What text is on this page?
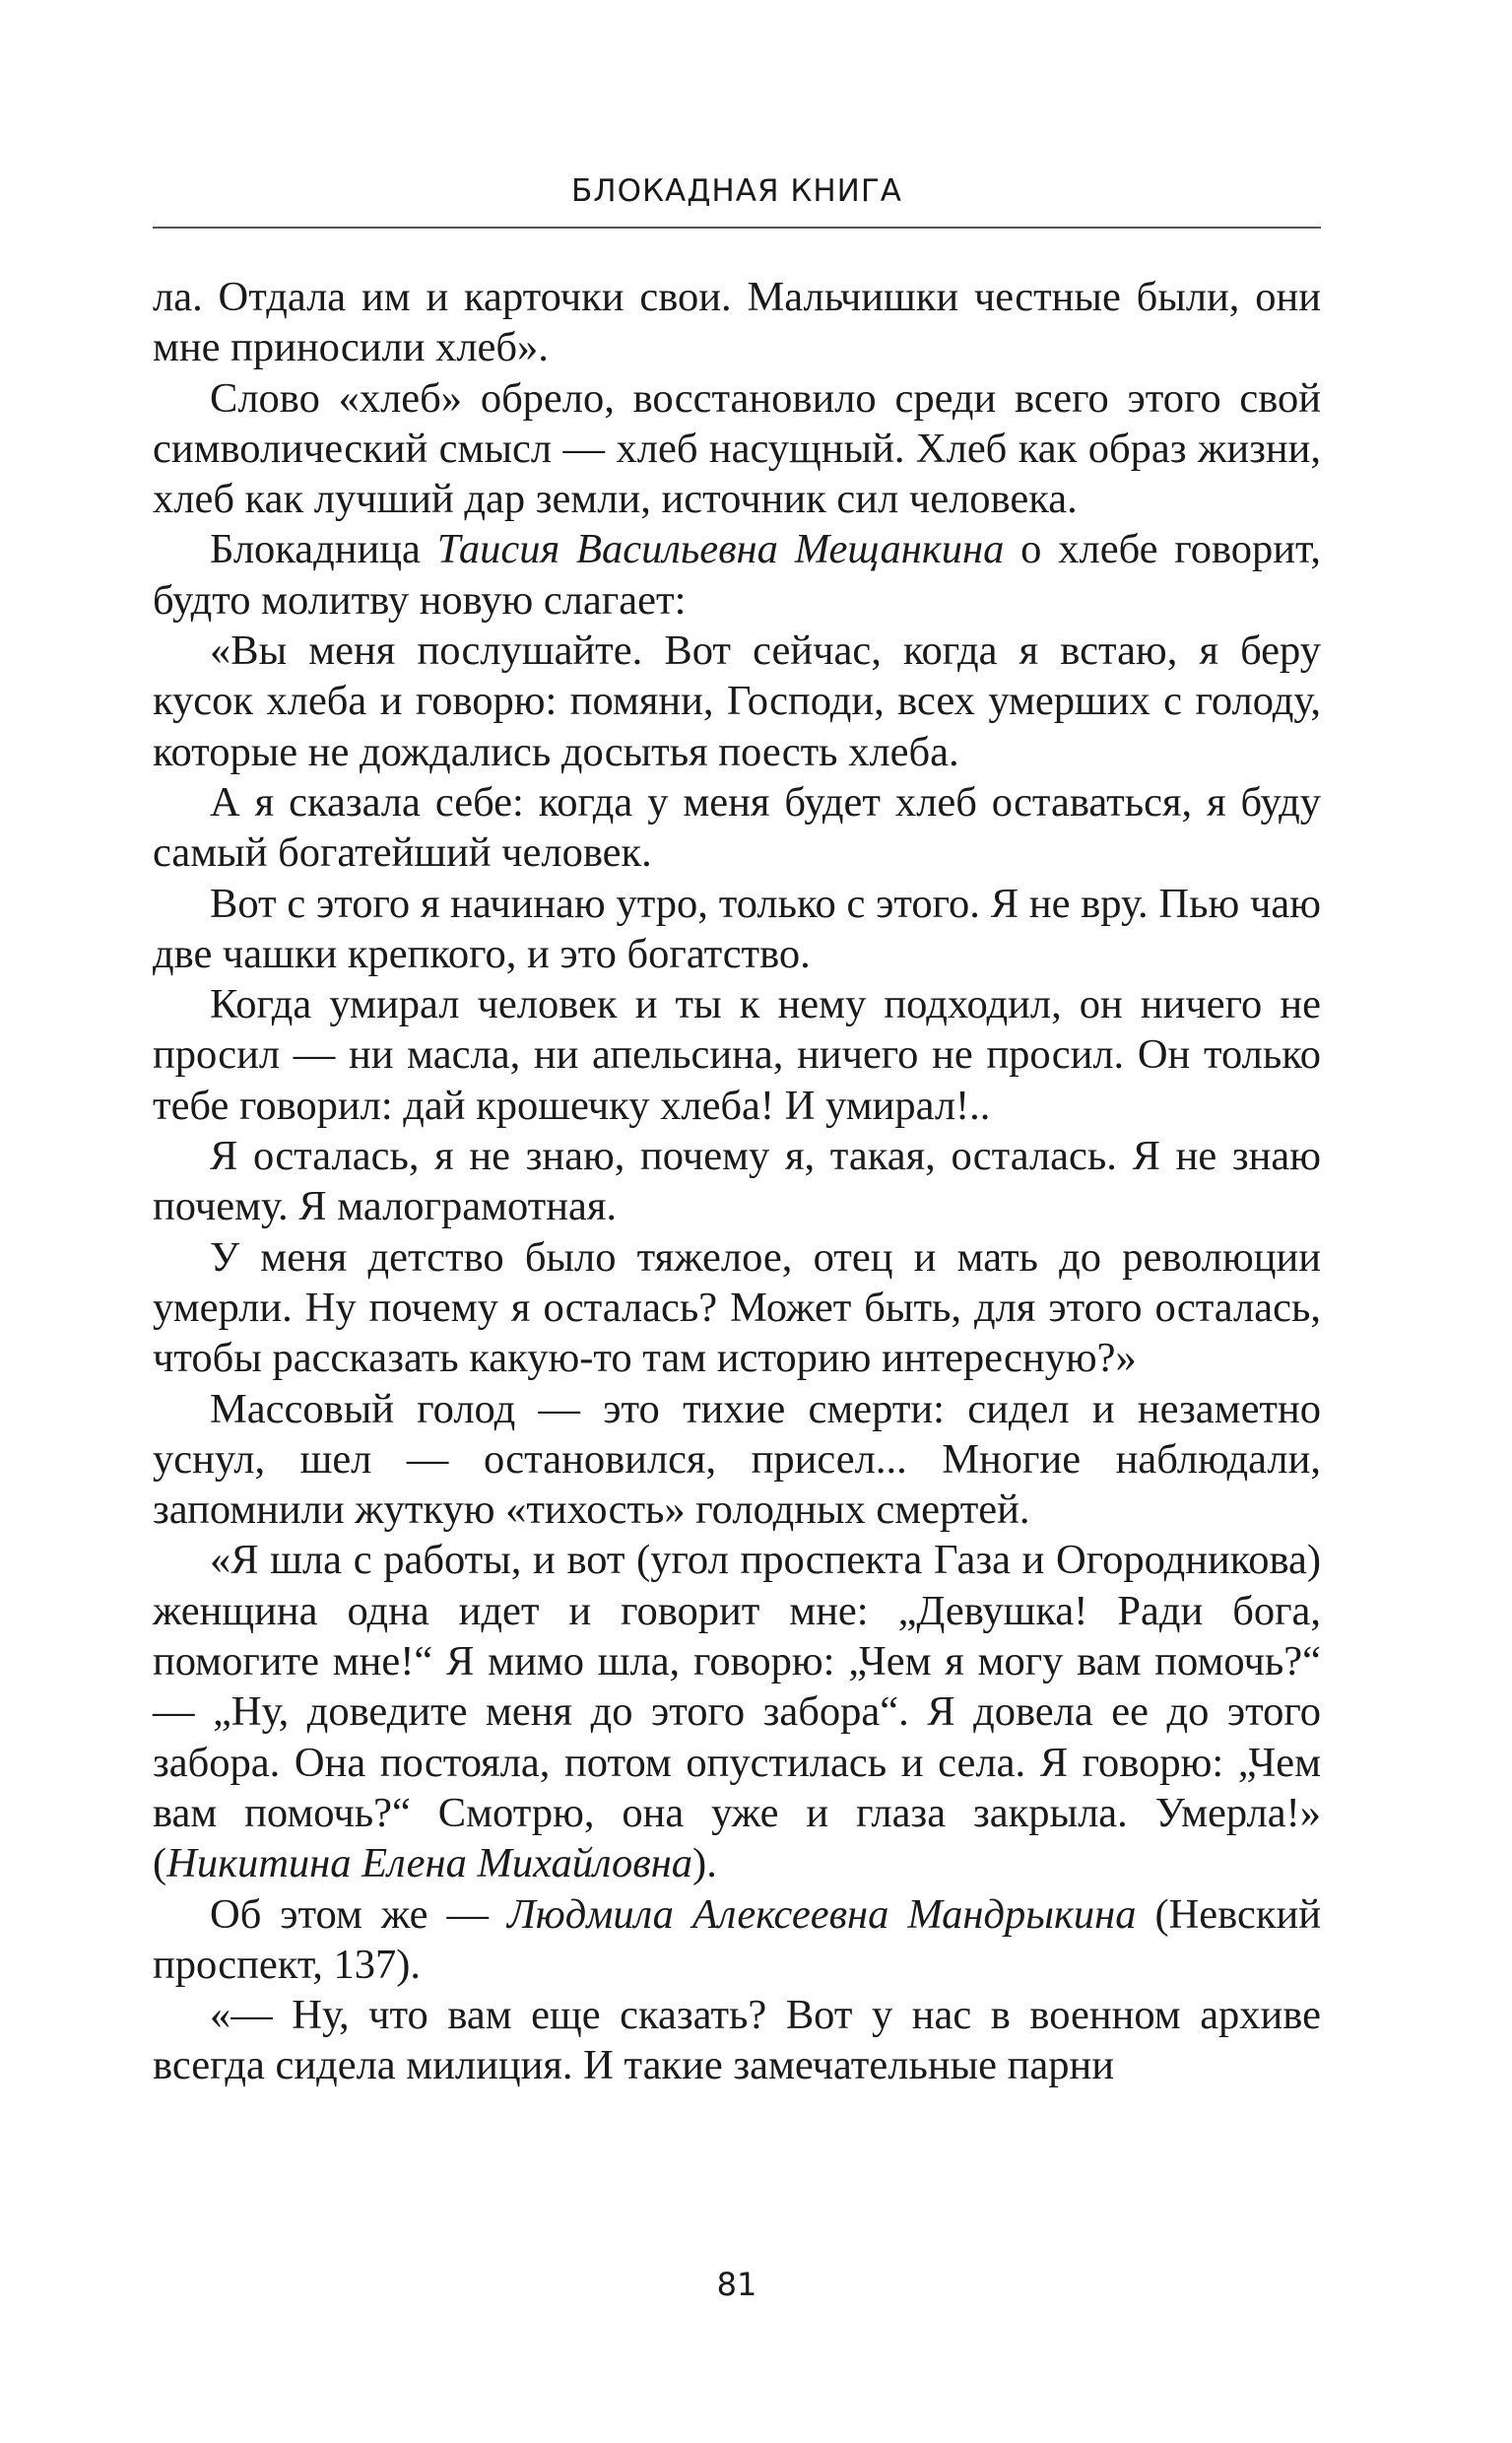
БЛОКАДНАЯ КНИГА

ла. Отдала им и карточки свои. Мальчишки честные были, они мне приносили хлеб».

Слово «хлеб» обрело, восстановило среди всего этого свой символический смысл — хлеб насущный. Хлеб как образ жизни, хлеб как лучший дар земли, источник сил человека.

Блокадница Таисия Васильевна Мещанкина о хлебе говорит, будто молитву новую слагает:

«Вы меня послушайте. Вот сейчас, когда я встаю, я беру кусок хлеба и говорю: помяни, Господи, всех умерших с голоду, которые не дождались досытья поесть хлеба.

А я сказала себе: когда у меня будет хлеб оставаться, я буду самый богатейший человек.

Вот с этого я начинаю утро, только с этого. Я не вру. Пью чаю две чашки крепкого, и это богатство.

Когда умирал человек и ты к нему подходил, он ничего не просил — ни масла, ни апельсина, ничего не просил. Он только тебе говорил: дай крошечку хлеба! И умирал!..

Я осталась, я не знаю, почему я, такая, осталась. Я не знаю почему. Я малограмотная.

У меня детство было тяжелое, отец и мать до революции умерли. Ну почему я осталась? Может быть, для этого осталась, чтобы рассказать какую-то там историю интересную?»

Массовый голод — это тихие смерти: сидел и незаметно уснул, шел — остановился, присел... Многие наблюдали, запомнили жуткую «тихость» голодных смертей.

«Я шла с работы, и вот (угол проспекта Газа и Огородникова) женщина одна идет и говорит мне: „Девушка! Ради бога, помогите мне!“ Я мимо шла, говорю: „Чем я могу вам помочь?“ — „Ну, доведите меня до этого забора“. Я довела ее до этого забора. Она постояла, потом опустилась и села. Я говорю: „Чем вам помочь?“ Смотрю, она уже и глаза закрыла. Умерла!» (Никитина Елена Михайловна).

Об этом же — Людмила Алексеевна Мандрыкина (Невский проспект, 137).

«— Ну, что вам еще сказать? Вот у нас в военном архиве всегда сидела милиция. И такие замечательные парни

81
